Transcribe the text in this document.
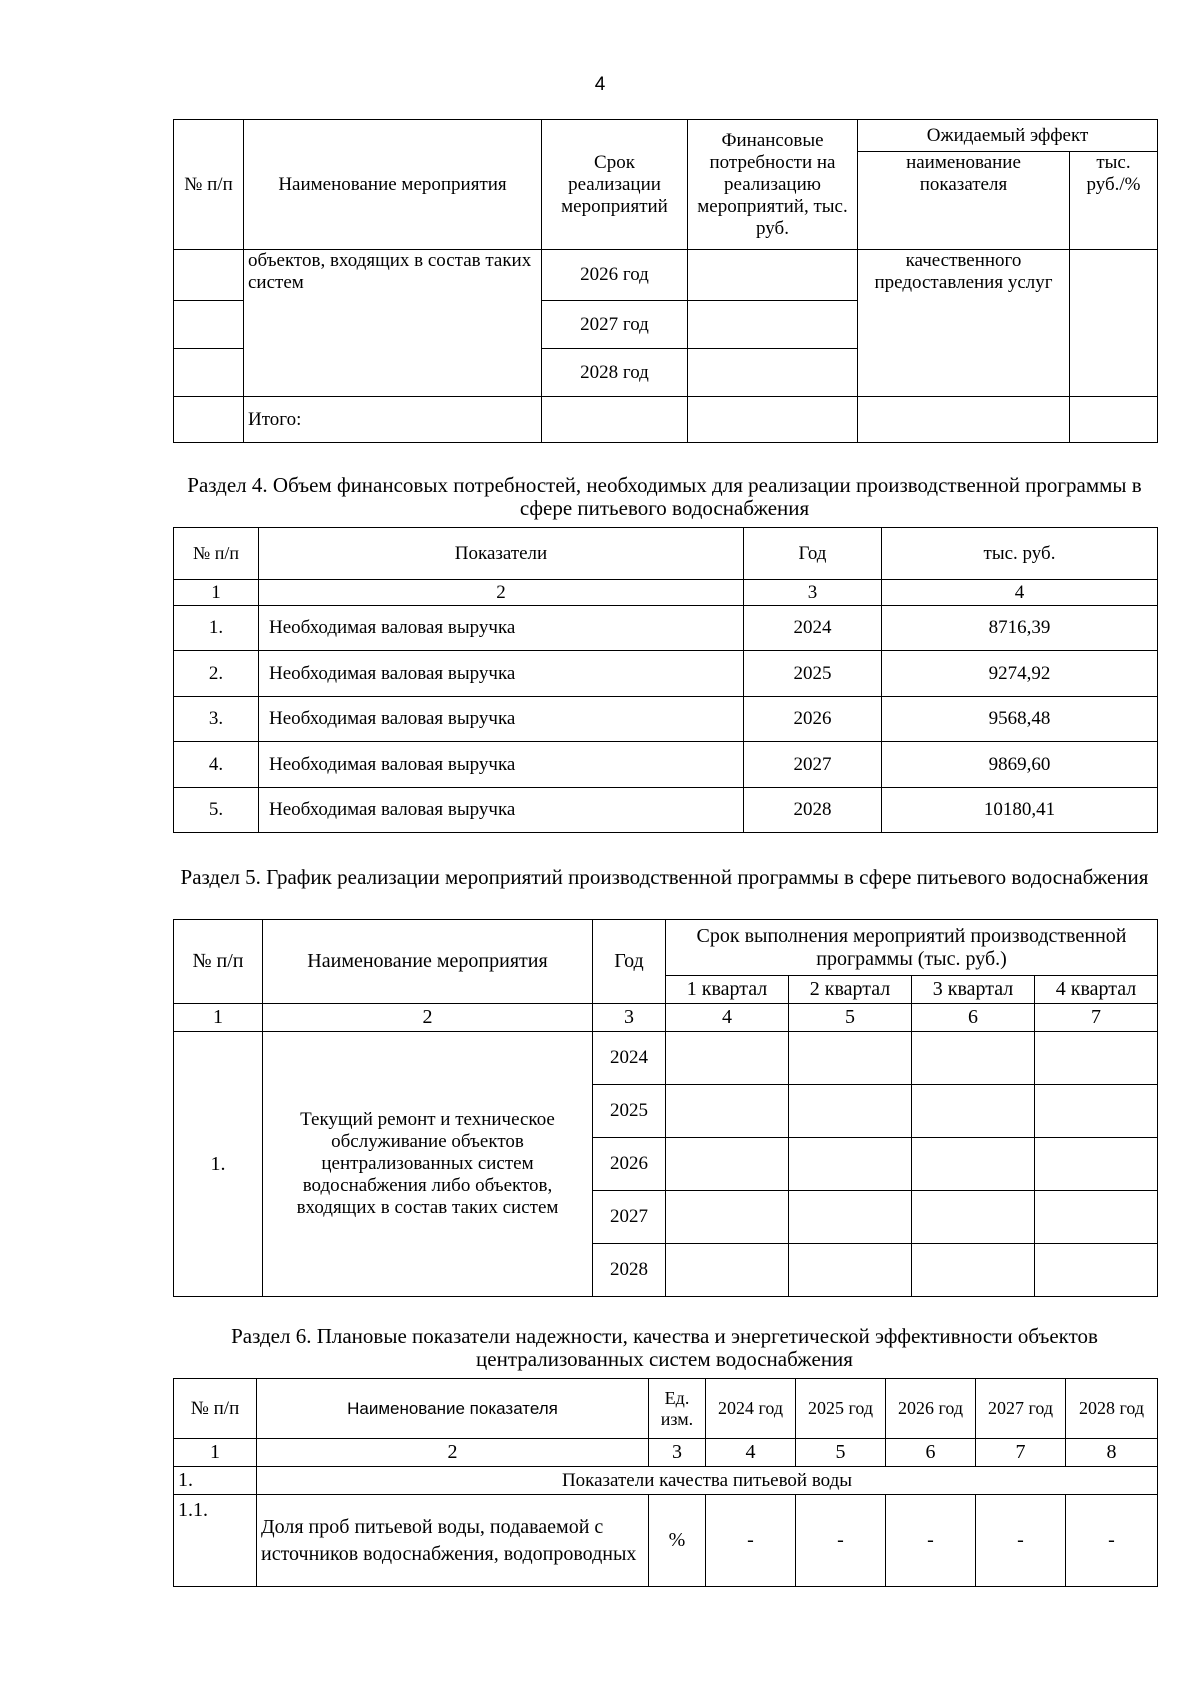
4
№ п/п	Наименование мероприятия	Срок реализации мероприятий	Финансовые потребности на реализацию мероприятий, тыс. руб.	Ожидаемый эффект	
				наименование показателя	тыс. руб./%
	объектов, входящих в состав таких систем	2026 год		качественного предоставления услуг	
		2027 год			
		2028 год			
	Итого:				
Раздел 4. Объем финансовых потребностей, необходимых для реализации производственной программы в сфере питьевого водоснабжения
№ п/п	Показатели	Год	тыс. руб.
1	2	3	4
1.	Необходимая валовая выручка	2024	8716,39
2.	Необходимая валовая выручка	2025	9274,92
3.	Необходимая валовая выручка	2026	9568,48
4.	Необходимая валовая выручка	2027	9869,60
5.	Необходимая валовая выручка	2028	10180,41
Раздел 5. График реализации мероприятий производственной программы в сфере питьевого водоснабжения
№ п/п	Наименование мероприятия	Год	Срок выполнения мероприятий производственной программы (тыс. руб.)			
			1 квартал	2 квартал	3 квартал	4 квартал
1	2	3	4	5	6	7
1.	Текущий ремонт и техническое обслуживание объектов централизованных систем водоснабжения либо объектов, входящих в состав таких систем	2024				
		2025				
		2026				
		2027				
		2028				
Раздел 6. Плановые показатели надежности, качества и энергетической эффективности объектов централизованных систем водоснабжения
№ п/п	Наименование показателя	Ед. изм.	2024 год	2025 год	2026 год	2027 год	2028 год
1	2	3	4	5	6	7	8
1.	Показатели качества питьевой воды						
1.1.	Доля проб питьевой воды, подаваемой с источников водоснабжения, водопроводных	%	-	-	-	-	-
